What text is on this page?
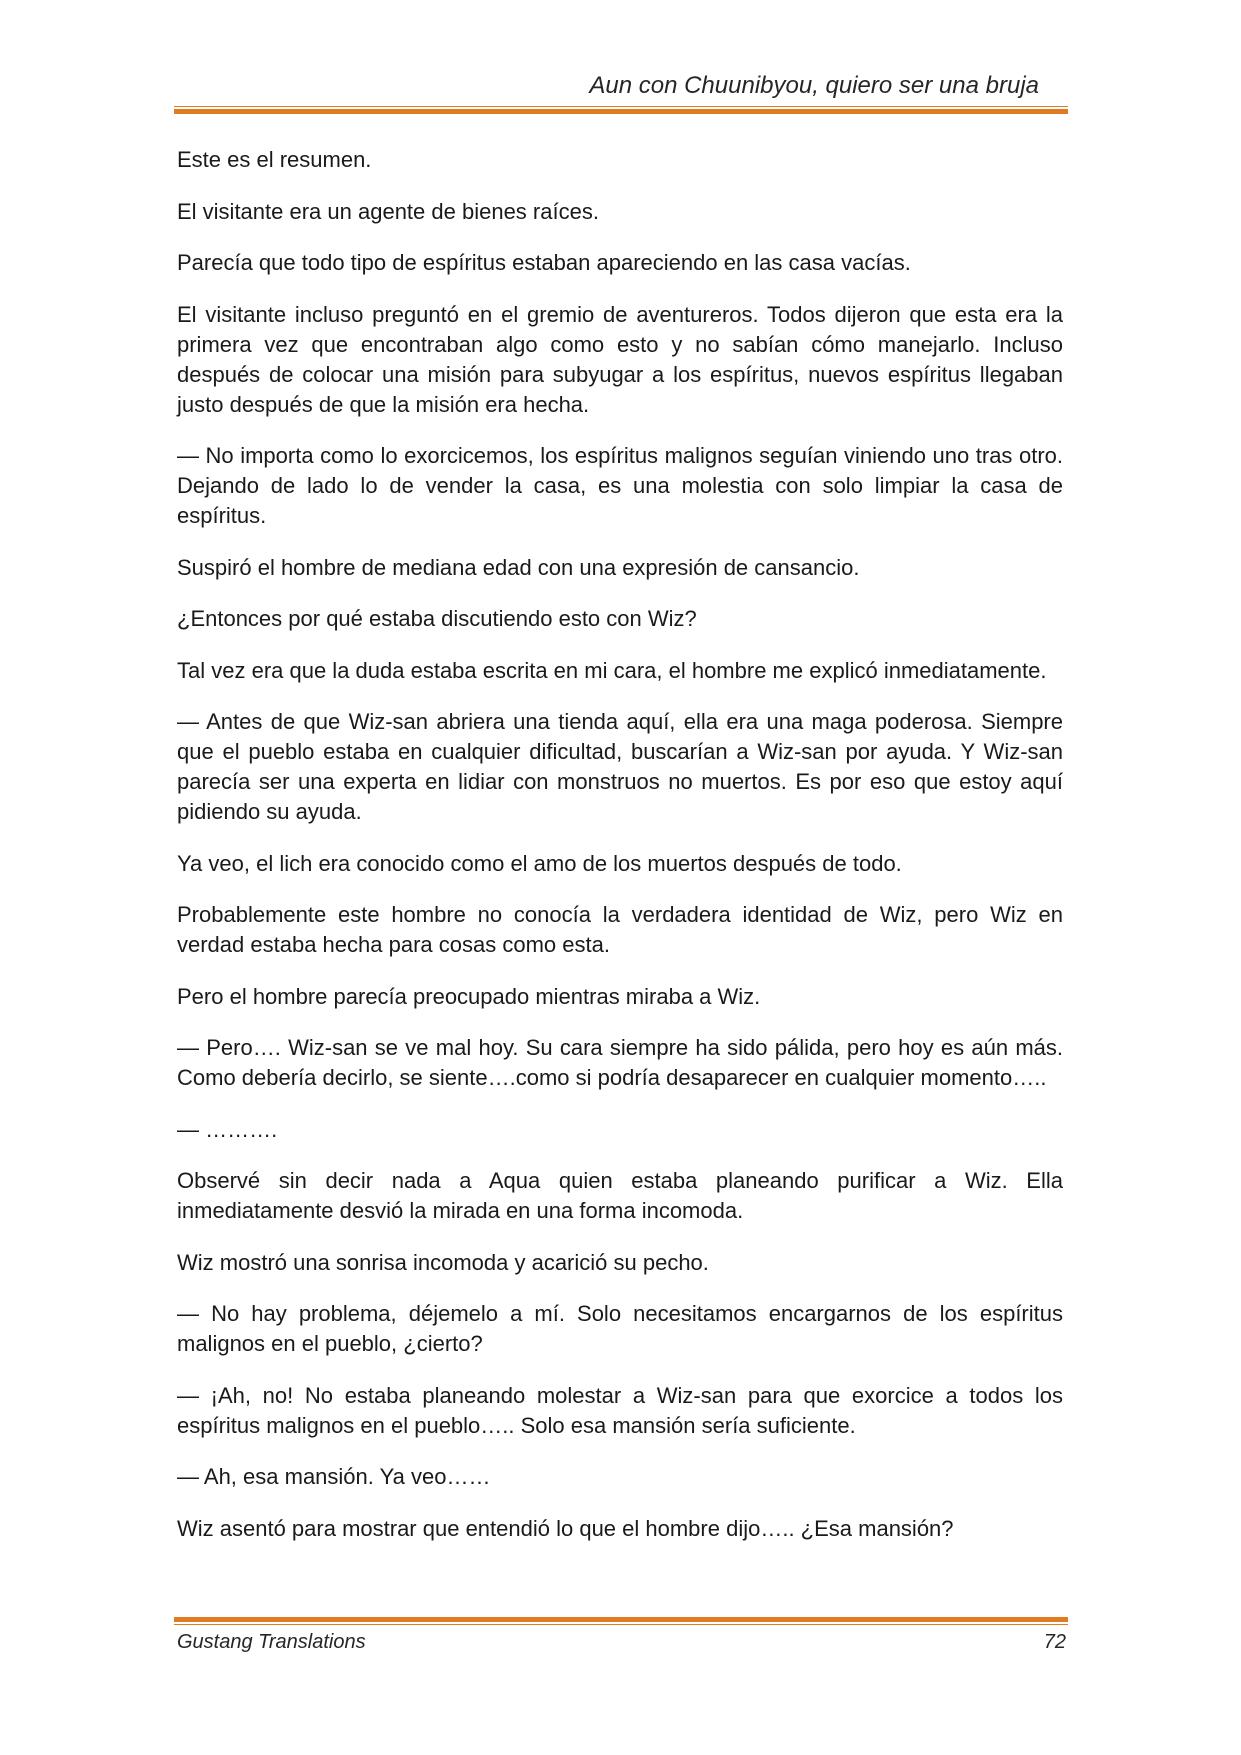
Aun con Chuunibyou, quiero ser una bruja

Este es el resumen.

El visitante era un agente de bienes raíces.

Parecía que todo tipo de espíritus estaban apareciendo en las casa vacías.

El visitante incluso preguntó en el gremio de aventureros. Todos dijeron que esta era la primera vez que encontraban algo como esto y no sabían cómo manejarlo. Incluso después de colocar una misión para subyugar a los espíritus, nuevos espíritus llegaban justo después de que la misión era hecha.

— No importa como lo exorcicemos, los espíritus malignos seguían viniendo uno tras otro. Dejando de lado lo de vender la casa, es una molestia con solo limpiar la casa de espíritus.

Suspiró el hombre de mediana edad con una expresión de cansancio.

¿Entonces por qué estaba discutiendo esto con Wiz?

Tal vez era que la duda estaba escrita en mi cara, el hombre me explicó inmediatamente.

— Antes de que Wiz-san abriera una tienda aquí, ella era una maga poderosa. Siempre que el pueblo estaba en cualquier dificultad, buscarían a Wiz-san por ayuda. Y Wiz-san parecía ser una experta en lidiar con monstruos no muertos. Es por eso que estoy aquí pidiendo su ayuda.

Ya veo, el lich era conocido como el amo de los muertos después de todo.

Probablemente este hombre no conocía la verdadera identidad de Wiz, pero Wiz en verdad estaba hecha para cosas como esta.

Pero el hombre parecía preocupado mientras miraba a Wiz.

— Pero…. Wiz-san se ve mal hoy. Su cara siempre ha sido pálida, pero hoy es aún más. Como debería decirlo, se siente….como si podría desaparecer en cualquier momento…..

— ……….

Observé sin decir nada a Aqua quien estaba planeando purificar a Wiz. Ella inmediatamente desvió la mirada en una forma incomoda.

Wiz mostró una sonrisa incomoda y acarició su pecho.

— No hay problema, déjemelo a mí. Solo necesitamos encargarnos de los espíritus malignos en el pueblo, ¿cierto?

— ¡Ah, no! No estaba planeando molestar a Wiz-san para que exorcice a todos los espíritus malignos en el pueblo….. Solo esa mansión sería suficiente.

— Ah, esa mansión. Ya veo……

Wiz asentó para mostrar que entendió lo que el hombre dijo….. ¿Esa mansión?

Gustang Translations	72
